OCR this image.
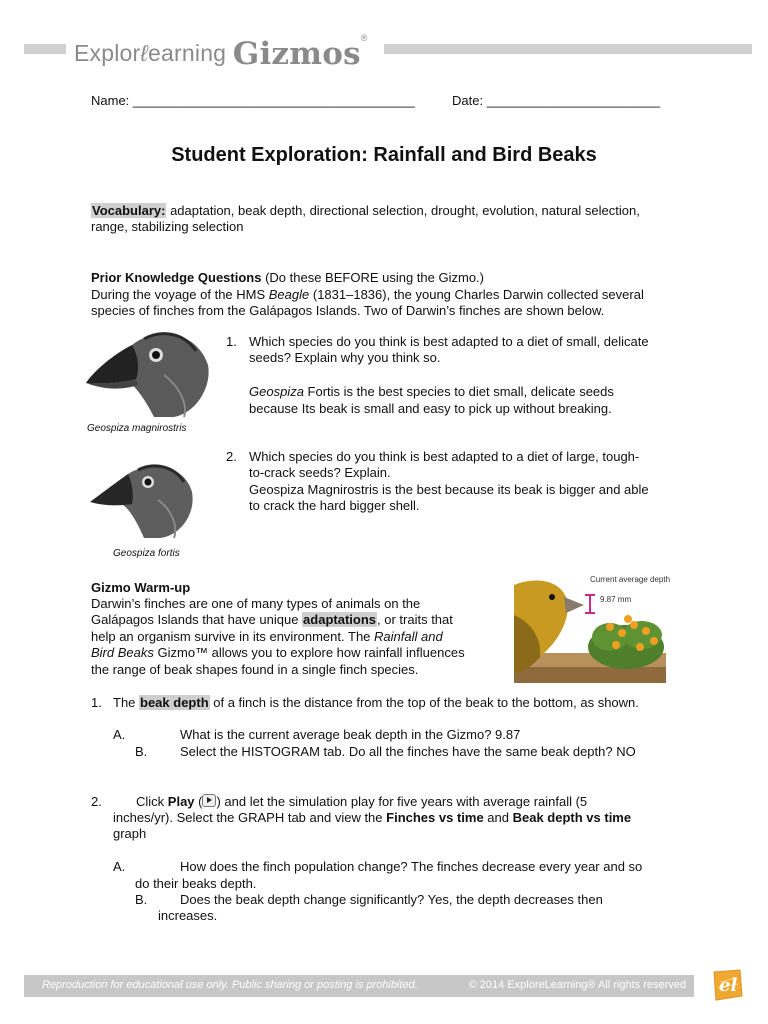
Explorℓearning Gizmos®
Name: _______________________________________	Date: ________________________
Student Exploration: Rainfall and Bird Beaks
Vocabulary: adaptation, beak depth, directional selection, drought, evolution, natural selection,
range, stabilizing selection
Prior Knowledge Questions (Do these BEFORE using the Gizmo.)
During the voyage of the HMS Beagle (1831–1836), the young Charles Darwin collected several
species of finches from the Galápagos Islands. Two of Darwin’s finches are shown below.
Geospiza magnirostris
Geospiza fortis
1. Which species do you think is best adapted to a diet of small, delicate
seeds? Explain why you think so.
Geospiza Fortis is the best species to diet small, delicate seeds
because Its beak is small and easy to pick up without breaking.
2. Which species do you think is best adapted to a diet of large, tough-
to-crack seeds? Explain.
Geospiza Magnirostris is the best because its beak is bigger and able
to crack the hard bigger shell.
Gizmo Warm-up
Darwin’s finches are one of many types of animals on the
Galápagos Islands that have unique adaptations, or traits that
help an organism survive in its environment. The Rainfall and
Bird Beaks Gizmo™ allows you to explore how rainfall influences
the range of beak shapes found in a single finch species.
Current average depth
9.87 mm
1. The beak depth of a finch is the distance from the top of the beak to the bottom, as shown.
A.	What is the current average beak depth in the Gizmo? 9.87
B.	Select the HISTOGRAM tab. Do all the finches have the same beak depth? NO
2.	Click Play ( ) and let the simulation play for five years with average rainfall (5
inches/yr). Select the GRAPH tab and view the Finches vs time and Beak depth vs time
graph
A.	How does the finch population change? The finches decrease every year and so
do their beaks depth.
B.	Does the beak depth change significantly? Yes, the depth decreases then
increases.
Reproduction for educational use only. Public sharing or posting is prohibited.	© 2014 ExploreLearning® All rights reserved el
